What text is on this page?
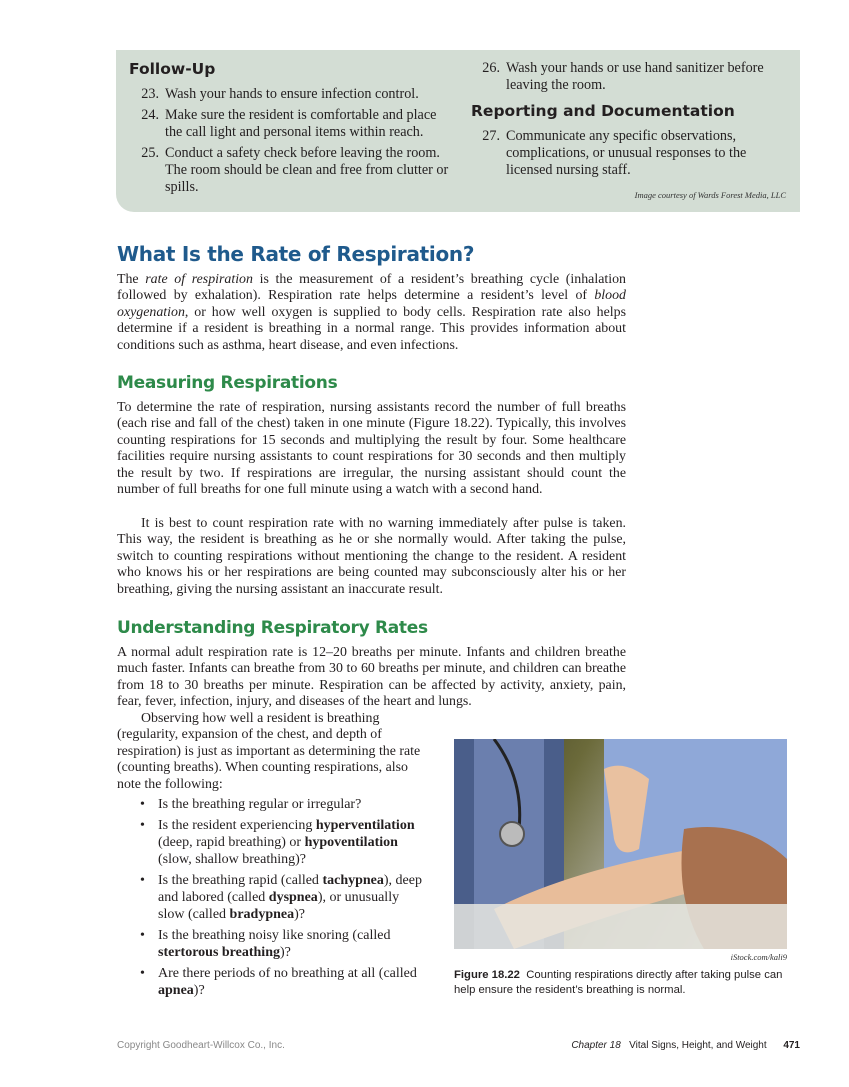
Follow-Up
23. Wash your hands to ensure infection control.
24. Make sure the resident is comfortable and place the call light and personal items within reach.
25. Conduct a safety check before leaving the room. The room should be clean and free from clutter or spills.
26. Wash your hands or use hand sanitizer before leaving the room.
Reporting and Documentation
27. Communicate any specific observations, complications, or unusual responses to the licensed nursing staff.
Image courtesy of Wards Forest Media, LLC
What Is the Rate of Respiration?

The rate of respiration is the measurement of a resident’s breathing cycle (inhalation followed by exhalation). Respiration rate helps determine a resident’s level of blood oxygenation, or how well oxygen is supplied to body cells. Respiration rate also helps determine if a resident is breathing in a normal range. This provides information about conditions such as asthma, heart disease, and even infections.

Measuring Respirations

To determine the rate of respiration, nursing assistants record the number of full breaths (each rise and fall of the chest) taken in one minute (Figure 18.22). Typically, this involves counting respirations for 15 seconds and multiplying the result by four. Some healthcare facilities require nursing assistants to count respirations for 30 seconds and then multiply the result by two. If respirations are irregular, the nursing assistant should count the number of full breaths for one full minute using a watch with a second hand.

It is best to count respiration rate with no warning immediately after pulse is taken. This way, the resident is breathing as he or she normally would. After taking the pulse, switch to counting respirations without mentioning the change to the resident. A resident who knows his or her respirations are being counted may subconsciously alter his or her breathing, giving the nursing assistant an inaccurate result.

Understanding Respiratory Rates

A normal adult respiration rate is 12–20 breaths per minute. Infants and children breathe much faster. Infants can breathe from 30 to 60 breaths per minute, and children can breathe from 18 to 30 breaths per minute. Respiration can be affected by activity, anxiety, pain, fear, fever, infection, injury, and diseases of the heart and lungs.

Observing how well a resident is breathing (regularity, expansion of the chest, and depth of respiration) is just as important as determining the rate (counting breaths). When counting respirations, also note the following:

• Is the breathing regular or irregular?
• Is the resident experiencing hyperventilation (deep, rapid breathing) or hypoventilation (slow, shallow breathing)?
• Is the breathing rapid (called tachypnea), deep and labored (called dyspnea), or unusually slow (called bradypnea)?
• Is the breathing noisy like snoring (called stertorous breathing)?
• Are there periods of no breathing at all (called apnea)?
iStock.com/kali9
Figure 18.22 Counting respirations directly after taking pulse can help ensure the resident’s breathing is normal.
Copyright Goodheart-Willcox Co., Inc.	Chapter 18 Vital Signs, Height, and Weight 471
